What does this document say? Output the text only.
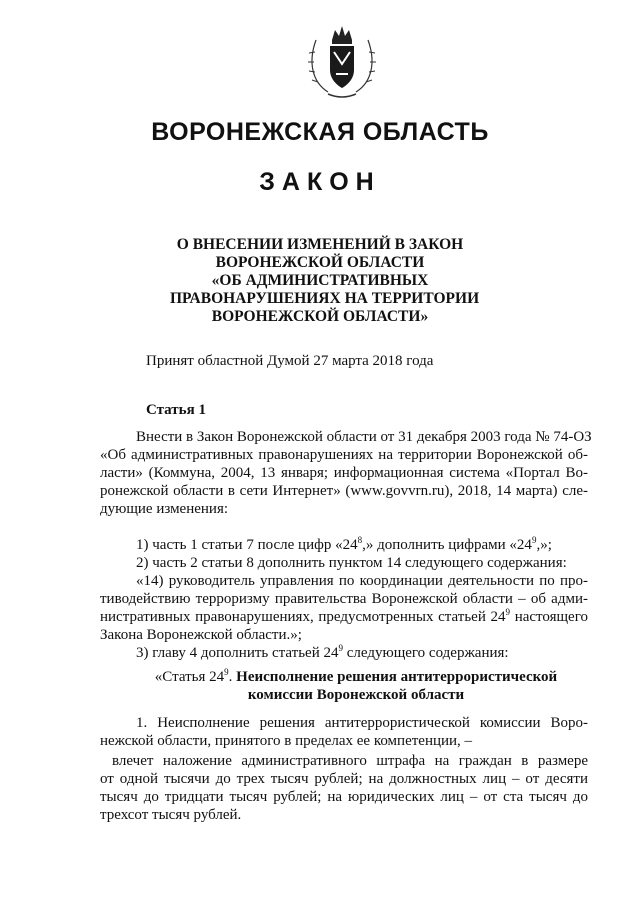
ВОРОНЕЖСКАЯ ОБЛАСТЬ
ЗАКОН
О ВНЕСЕНИИ ИЗМЕНЕНИЙ В ЗАКОН
ВОРОНЕЖСКОЙ ОБЛАСТИ
«ОБ АДМИНИСТРАТИВНЫХ
ПРАВОНАРУШЕНИЯХ НА ТЕРРИТОРИИ
ВОРОНЕЖСКОЙ ОБЛАСТИ»
Принят областной Думой 27 марта 2018 года
Статья 1
Внести в Закон Воронежской области от 31 декабря 2003 года № 74-ОЗ
«Об административных правонарушениях на территории Воронежской об-
ласти» (Коммуна, 2004, 13 января; информационная система «Портал Во-
ронежской области в сети Интернет» (www.govvrn.ru), 2018, 14 марта) сле-
дующие изменения:
1) часть 1 статьи 7 после цифр «$24^8$,» дополнить цифрами «$24^9$,»;
2) часть 2 статьи 8 дополнить пунктом 14 следующего содержания:
«14) руководитель управления по координации деятельности по про-
тиводействию терроризму правительства Воронежской области – об адми-
нистративных правонарушениях, предусмотренных статьей $24^9$ настоящего
Закона Воронежской области.»;
3) главу 4 дополнить статьей $24^9$ следующего содержания:
«Статья $24^9$. Неисполнение решения антитеррористической
комиссии Воронежской области
1. Неисполнение решения антитеррористической комиссии Воро-
нежской области, принятого в пределах ее компетенции, –
влечет наложение административного штрафа на граждан в размере
от одной тысячи до трех тысяч рублей; на должностных лиц – от десяти
тысяч до тридцати тысяч рублей; на юридических лиц – от ста тысяч до
трехсот тысяч рублей.
